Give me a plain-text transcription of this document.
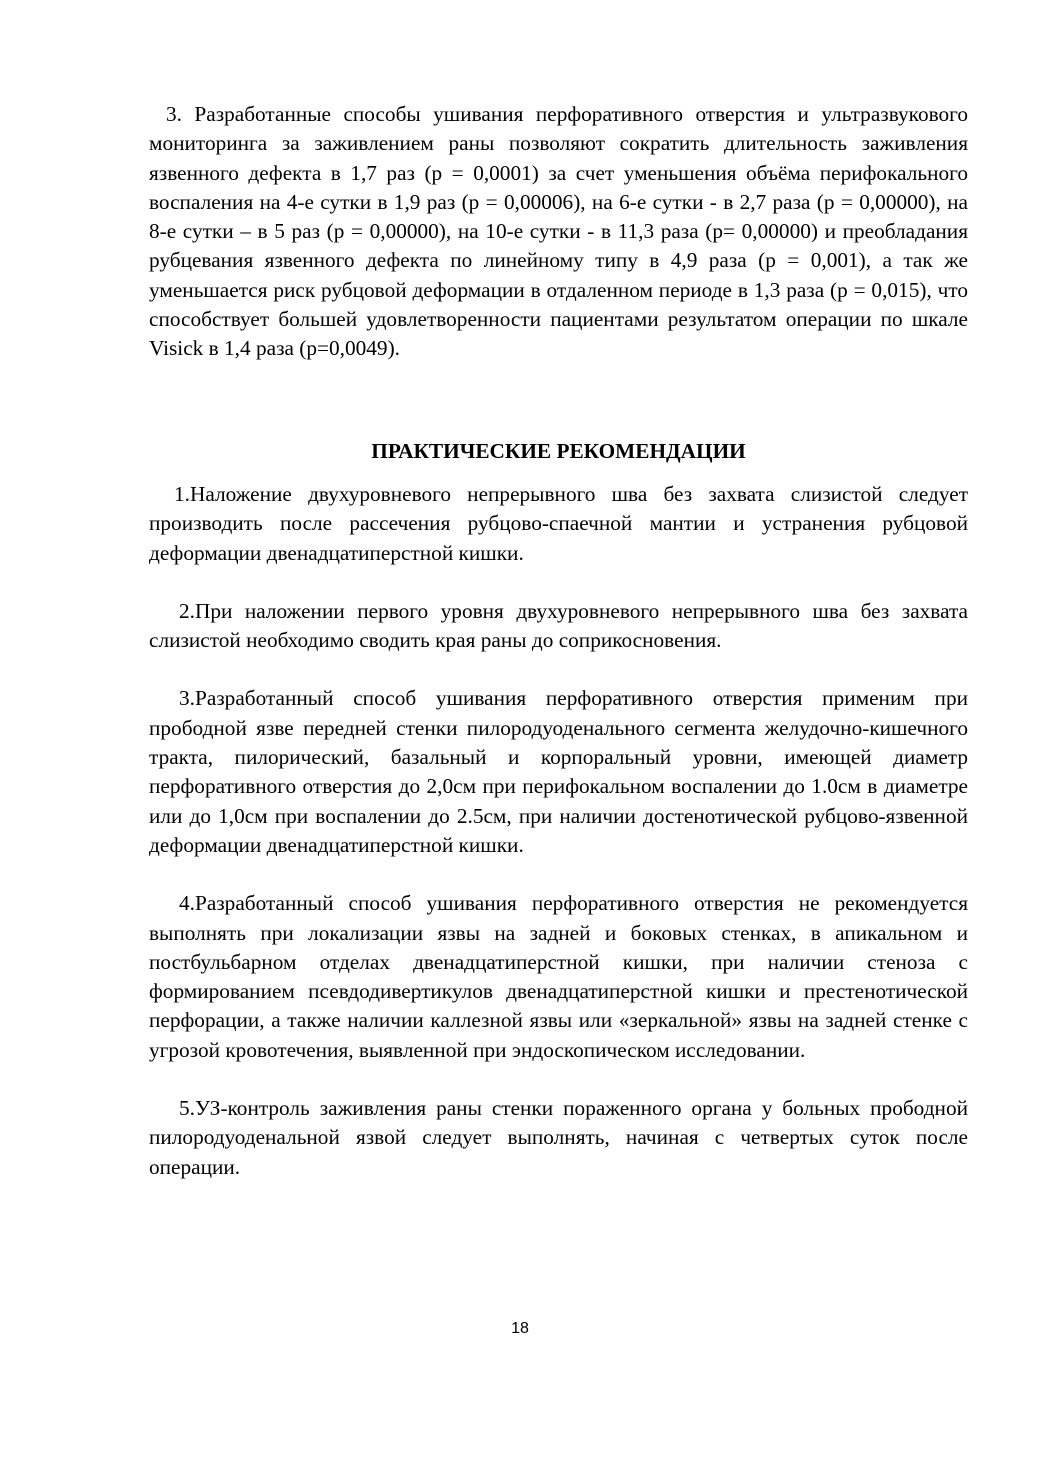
3. Разработанные способы ушивания перфоративного отверстия и ультразвукового мониторинга за заживлением раны позволяют сократить длительность заживления язвенного дефекта в 1,7 раз (р = 0,0001) за счет уменьшения объёма перифокального воспаления на 4-е сутки в 1,9 раз (р = 0,00006), на 6-е сутки - в 2,7 раза (р = 0,00000), на 8-е сутки – в 5 раз (р = 0,00000), на 10-е сутки - в 11,3 раза (р= 0,00000) и преобладания рубцевания язвенного дефекта по линейному типу в 4,9 раза (р = 0,001), а так же уменьшается риск рубцовой деформации в отдаленном периоде в 1,3 раза (р = 0,015), что способствует большей удовлетворенности пациентами результатом операции по шкале Visick в 1,4 раза (р=0,0049).

ПРАКТИЧЕСКИЕ РЕКОМЕНДАЦИИ

1.Наложение двухуровневого непрерывного шва без захвата слизистой следует производить после рассечения рубцово-спаечной мантии и устранения рубцовой деформации двенадцатиперстной кишки.

2.При наложении первого уровня двухуровневого непрерывного шва без захвата слизистой необходимо сводить края раны до соприкосновения.

3.Разработанный способ ушивания перфоративного отверстия применим при прободной язве передней стенки пилородуоденального сегмента желудочно-кишечного тракта, пилорический, базальный и корпоральный уровни, имеющей диаметр перфоративного отверстия до 2,0см при перифокальном воспалении до 1.0см в диаметре или до 1,0см при воспалении до 2.5см, при наличии достенотической рубцово-язвенной деформации двенадцатиперстной кишки.

4.Разработанный способ ушивания перфоративного отверстия не рекомендуется выполнять при локализации язвы на задней и боковых стенках, в апикальном и постбульбарном отделах двенадцатиперстной кишки, при наличии стеноза с формированием псевдодивертикулов двенадцатиперстной кишки и престенотической перфорации, а также наличии каллезной язвы или «зеркальной» язвы на задней стенке с угрозой кровотечения, выявленной при эндоскопическом исследовании.

5.УЗ-контроль заживления раны стенки пораженного органа у больных прободной пилородуоденальной язвой следует выполнять, начиная с четвертых суток после операции.

18
